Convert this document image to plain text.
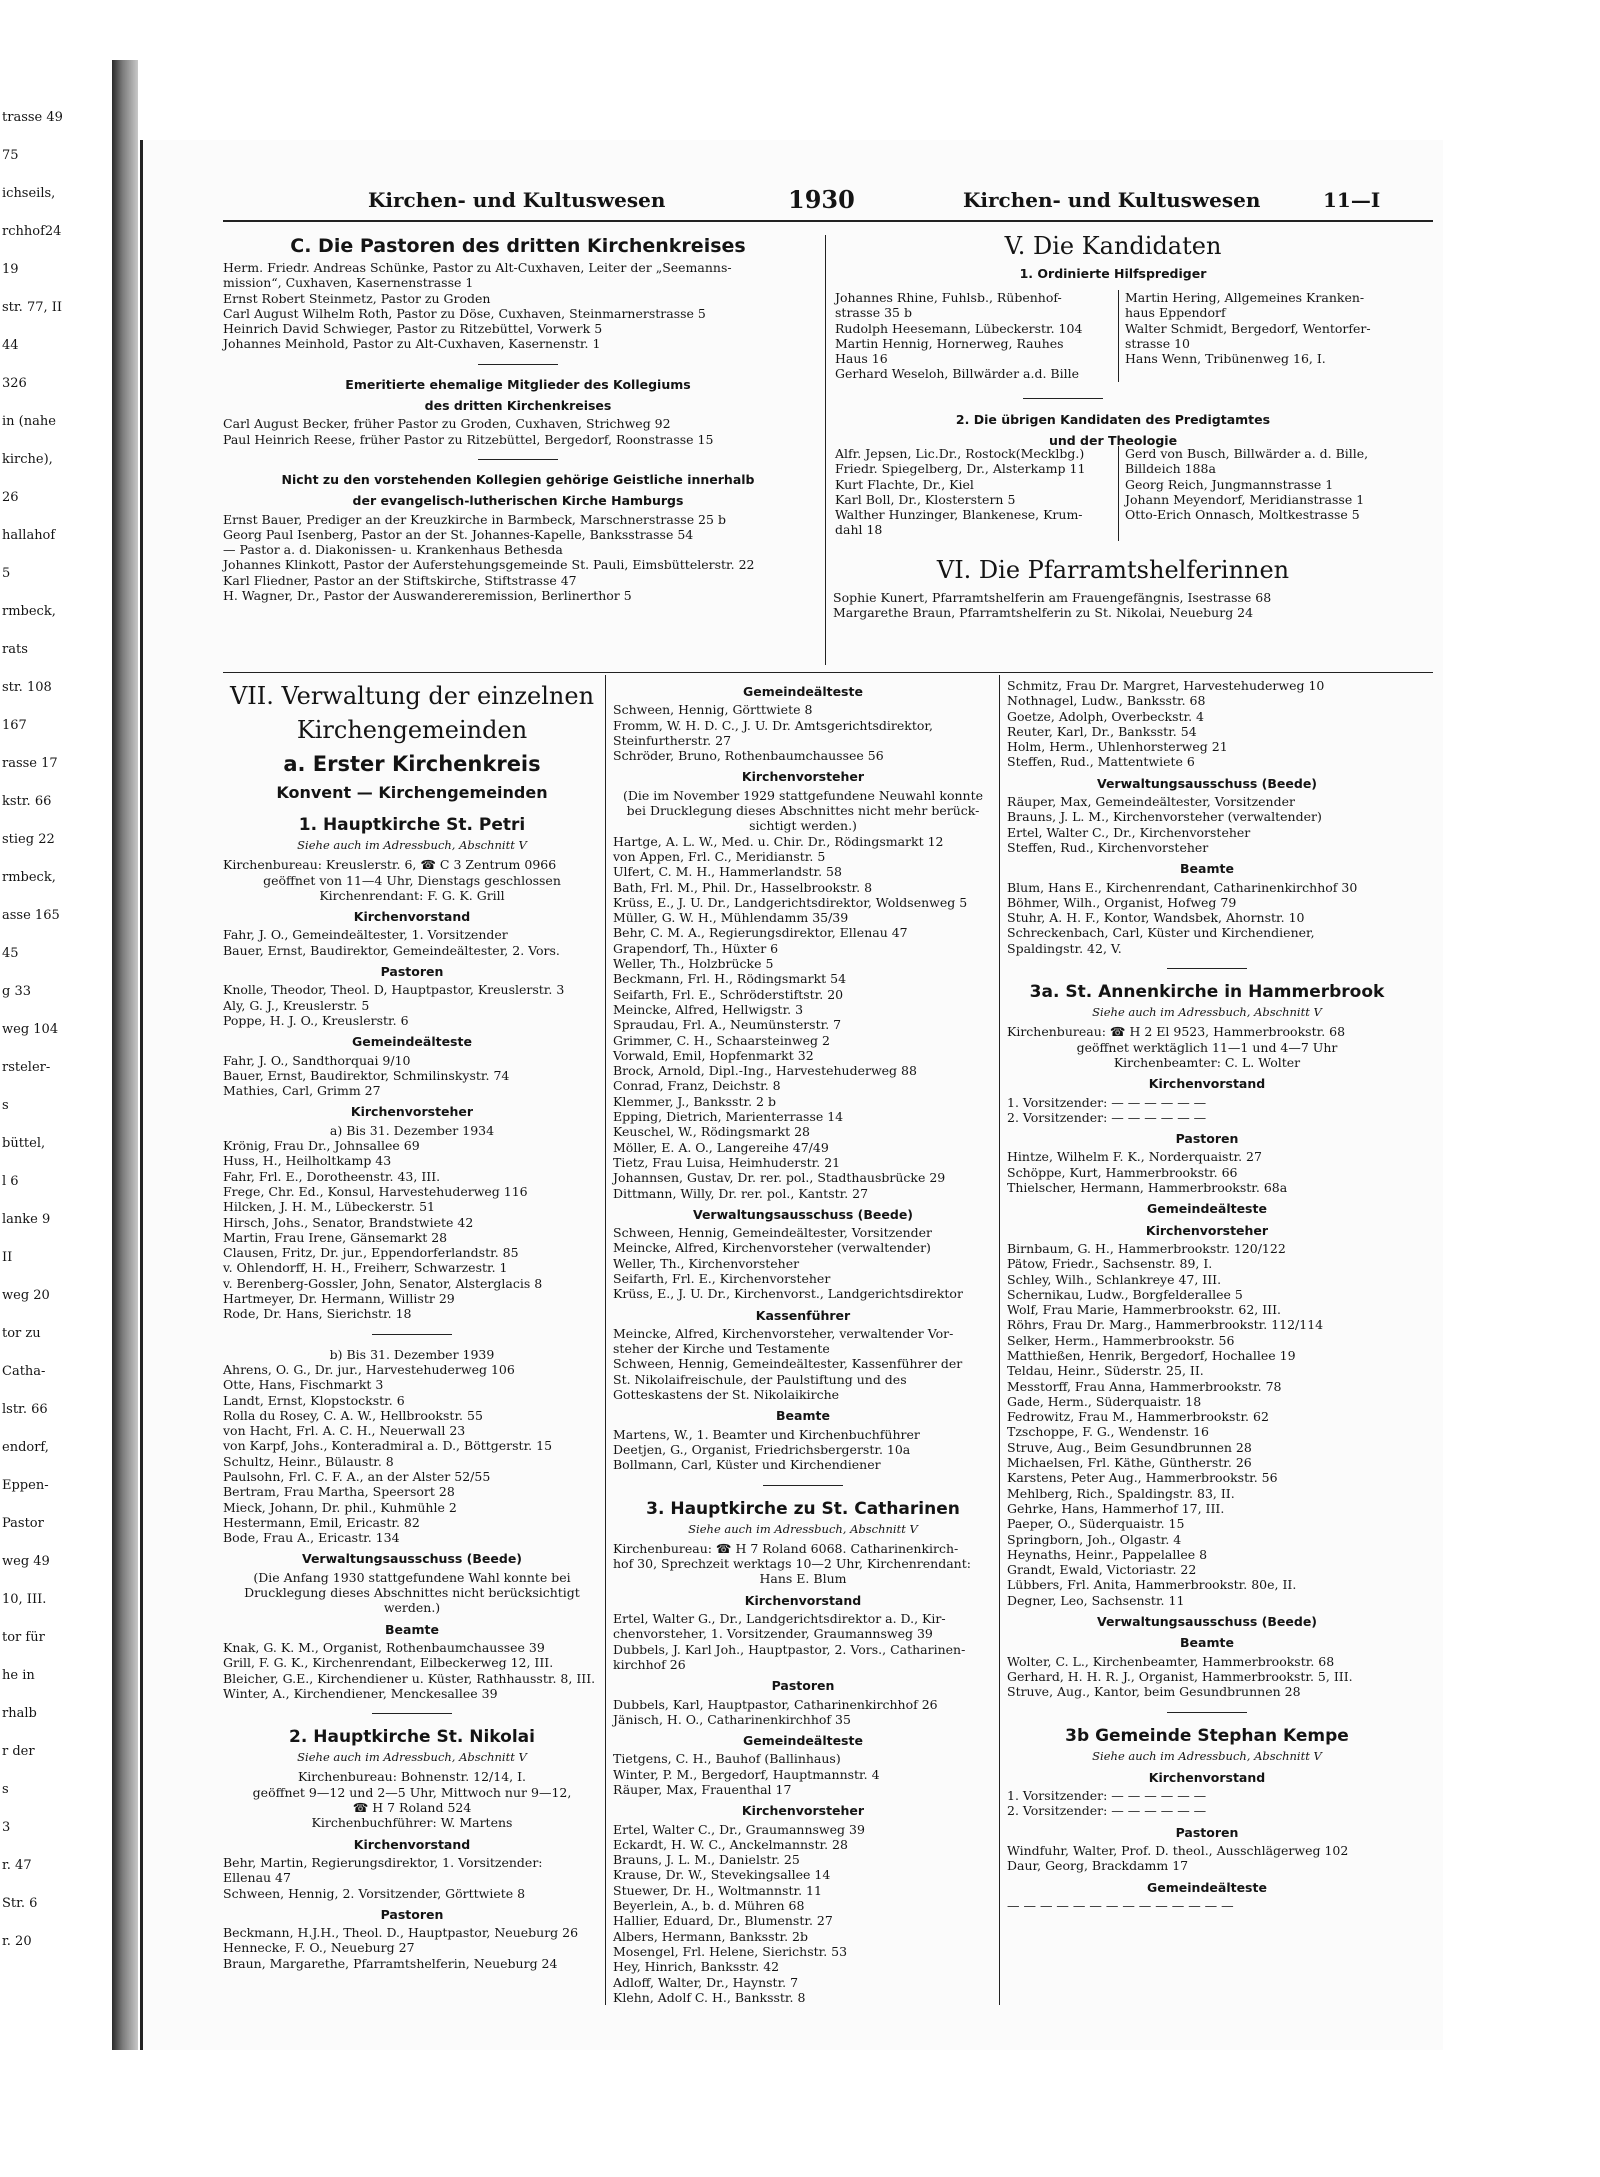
trasse 49
75
ichseils,
rchhof24
19
str. 77, II
44
326
in (nahe
kirche),
26
hallahof
5
rmbeck,
rats
str. 108
167
rasse 17
kstr. 66
stieg 22
rmbeck,
asse 165
45
g 33
weg 104
rsteler-
s
büttel,
l 6
lanke 9
II
weg 20
tor zu
Catha-
lstr. 66
endorf,
Eppen-
Pastor
weg 49
10, III.
tor für
he in
rhalb
r der
s
3
r. 47
Str. 6
r. 20
Kirchen- und Kultuswesen	1930	Kirchen- und Kultuswesen	11—I

C. Die Pastoren des dritten Kirchenkreises

Herm. Friedr. Andreas Schünke, Pastor zu Alt-Cuxhaven, Leiter der „Seemanns-

mission“, Cuxhaven, Kasernenstrasse 1

Ernst Robert Steinmetz, Pastor zu Groden

Carl August Wilhelm Roth, Pastor zu Döse, Cuxhaven, Steinmarnerstrasse 5

Heinrich David Schwieger, Pastor zu Ritzebüttel, Vorwerk 5

Johannes Meinhold, Pastor zu Alt-Cuxhaven, Kasernenstr. 1

Emeritierte ehemalige Mitglieder des Kollegiums

des dritten Kirchenkreises

Carl August Becker, früher Pastor zu Groden, Cuxhaven, Strichweg 92

Paul Heinrich Reese, früher Pastor zu Ritzebüttel, Bergedorf, Roonstrasse 15

Nicht zu den vorstehenden Kollegien gehörige Geistliche innerhalb

der evangelisch-lutherischen Kirche Hamburgs

Ernst Bauer, Prediger an der Kreuzkirche in Barmbeck, Marschnerstrasse 25 b

Georg Paul Isenberg, Pastor an der St. Johannes-Kapelle, Banksstrasse 54

— Pastor a. d. Diakonissen- u. Krankenhaus Bethesda

Johannes Klinkott, Pastor der Auferstehungsgemeinde St. Pauli, Eimsbüttelerstr. 22

Karl Fliedner, Pastor an der Stiftskirche, Stiftstrasse 47

H. Wagner, Dr., Pastor der Auswandereremission, Berlinerthor 5

V. Die Kandidaten

1. Ordinierte Hilfsprediger

Johannes Rhine, Fuhlsb., Rübenhof-

strasse 35 b

Rudolph Heesemann, Lübeckerstr. 104

Martin Hennig, Hornerweg, Rauhes

Haus 16

Gerhard Weseloh, Billwärder a.d. Bille

Martin Hering, Allgemeines Kranken-

haus Eppendorf

Walter Schmidt, Bergedorf, Wentorfer-

strasse 10

Hans Wenn, Tribünenweg 16, I.

2. Die übrigen Kandidaten des Predigtamtes

und der Theologie

Alfr. Jepsen, Lic.Dr., Rostock(Mecklbg.)

Friedr. Spiegelberg, Dr., Alsterkamp 11

Kurt Flachte, Dr., Kiel

Karl Boll, Dr., Klosterstern 5

Walther Hunzinger, Blankenese, Krum-

dahl 18

Gerd von Busch, Billwärder a. d. Bille,

Billdeich 188a

Georg Reich, Jungmannstrasse 1

Johann Meyendorf, Meridianstrasse 1

Otto-Erich Onnasch, Moltkestrasse 5

VI. Die Pfarramtshelferinnen

Sophie Kunert, Pfarramtshelferin am Frauengefängnis, Isestrasse 68

Margarethe Braun, Pfarramtshelferin zu St. Nikolai, Neueburg 24

VII. Verwaltung der einzelnen

Kirchengemeinden

a. Erster Kirchenkreis

Konvent — Kirchengemeinden

1. Hauptkirche St. Petri

Siehe auch im Adressbuch, Abschnitt V

Kirchenbureau: Kreuslerstr. 6, ☎ C 3 Zentrum 0966

geöffnet von 11—4 Uhr, Dienstags geschlossen

Kirchenrendant: F. G. K. Grill

Kirchenvorstand

Fahr, J. O., Gemeindeältester, 1. Vorsitzender

Bauer, Ernst, Baudirektor, Gemeindeältester, 2. Vors.

Pastoren

Knolle, Theodor, Theol. D, Hauptpastor, Kreuslerstr. 3

Aly, G. J., Kreuslerstr. 5

Poppe, H. J. O., Kreuslerstr. 6

Gemeindeälteste

Fahr, J. O., Sandthorquai 9/10

Bauer, Ernst, Baudirektor, Schmilinskystr. 74

Mathies, Carl, Grimm 27

Kirchenvorsteher

a) Bis 31. Dezember 1934

Krönig, Frau Dr., Johnsallee 69

Huss, H., Heilholtkamp 43

Fahr, Frl. E., Dorotheenstr. 43, III.

Frege, Chr. Ed., Konsul, Harvestehuderweg 116

Hilcken, J. H. M., Lübeckerstr. 51

Hirsch, Johs., Senator, Brandstwiete 42

Martin, Frau Irene, Gänsemarkt 28

Clausen, Fritz, Dr. jur., Eppendorferlandstr. 85

v. Ohlendorff, H. H., Freiherr, Schwarzestr. 1

v. Berenberg-Gossler, John, Senator, Alsterglacis 8

Hartmeyer, Dr. Hermann, Willistr 29

Rode, Dr. Hans, Sierichstr. 18

b) Bis 31. Dezember 1939

Ahrens, O. G., Dr. jur., Harvestehuderweg 106

Otte, Hans, Fischmarkt 3

Landt, Ernst, Klopstockstr. 6

Rolla du Rosey, C. A. W., Hellbrookstr. 55

von Hacht, Frl. A. C. H., Neuerwall 23

von Karpf, Johs., Konteradmiral a. D., Böttgerstr. 15

Schultz, Heinr., Bülaustr. 8

Paulsohn, Frl. C. F. A., an der Alster 52/55

Bertram, Frau Martha, Speersort 28

Mieck, Johann, Dr. phil., Kuhmühle 2

Hestermann, Emil, Ericastr. 82

Bode, Frau A., Ericastr. 134

Verwaltungsausschuss (Beede)

(Die Anfang 1930 stattgefundene Wahl konnte bei

Drucklegung dieses Abschnittes nicht berücksichtigt

werden.)

Beamte

Knak, G. K. M., Organist, Rothenbaumchaussee 39

Grill, F. G. K., Kirchenrendant, Eilbeckerweg 12, III.

Bleicher, G.E., Kirchendiener u. Küster, Rathhausstr. 8, III.

Winter, A., Kirchendiener, Menckesallee 39

2. Hauptkirche St. Nikolai

Siehe auch im Adressbuch, Abschnitt V

Kirchenbureau: Bohnenstr. 12/14, I.

geöffnet 9—12 und 2—5 Uhr, Mittwoch nur 9—12,

☎ H 7 Roland 524

Kirchenbuchführer: W. Martens

Kirchenvorstand

Behr, Martin, Regierungsdirektor, 1. Vorsitzender:

Ellenau 47

Schween, Hennig, 2. Vorsitzender, Görttwiete 8

Pastoren

Beckmann, H.J.H., Theol. D., Hauptpastor, Neueburg 26

Hennecke, F. O., Neueburg 27

Braun, Margarethe, Pfarramtshelferin, Neueburg 24

Gemeindeälteste

Schween, Hennig, Görttwiete 8

Fromm, W. H. D. C., J. U. Dr. Amtsgerichtsdirektor,

Steinfurtherstr. 27

Schröder, Bruno, Rothenbaumchaussee 56

Kirchenvorsteher

(Die im November 1929 stattgefundene Neuwahl konnte

bei Drucklegung dieses Abschnittes nicht mehr berück-

sichtigt werden.)

Hartge, A. L. W., Med. u. Chir. Dr., Rödingsmarkt 12

von Appen, Frl. C., Meridianstr. 5

Ulfert, C. M. H., Hammerlandstr. 58

Bath, Frl. M., Phil. Dr., Hasselbrookstr. 8

Krüss, E., J. U. Dr., Landgerichtsdirektor, Woldsenweg 5

Müller, G. W. H., Mühlendamm 35/39

Behr, C. M. A., Regierungsdirektor, Ellenau 47

Grapendorf, Th., Hüxter 6

Weller, Th., Holzbrücke 5

Beckmann, Frl. H., Rödingsmarkt 54

Seifarth, Frl. E., Schröderstiftstr. 20

Meincke, Alfred, Hellwigstr. 3

Spraudau, Frl. A., Neumünsterstr. 7

Grimmer, C. H., Schaarsteinweg 2

Vorwald, Emil, Hopfenmarkt 32

Brock, Arnold, Dipl.-Ing., Harvestehuderweg 88

Conrad, Franz, Deichstr. 8

Klemmer, J., Banksstr. 2 b

Epping, Dietrich, Marienterrasse 14

Keuschel, W., Rödingsmarkt 28

Möller, E. A. O., Langereihe 47/49

Tietz, Frau Luisa, Heimhuderstr. 21

Johannsen, Gustav, Dr. rer. pol., Stadthausbrücke 29

Dittmann, Willy, Dr. rer. pol., Kantstr. 27

Verwaltungsausschuss (Beede)

Schween, Hennig, Gemeindeältester, Vorsitzender

Meincke, Alfred, Kirchenvorsteher (verwaltender)

Weller, Th., Kirchenvorsteher

Seifarth, Frl. E., Kirchenvorsteher

Krüss, E., J. U. Dr., Kirchenvorst., Landgerichtsdirektor

Kassenführer

Meincke, Alfred, Kirchenvorsteher, verwaltender Vor-

steher der Kirche und Testamente

Schween, Hennig, Gemeindeältester, Kassenführer der

St. Nikolaifreischule, der Paulstiftung und des

Gotteskastens der St. Nikolaikirche

Beamte

Martens, W., 1. Beamter und Kirchenbuchführer

Deetjen, G., Organist, Friedrichsbergerstr. 10a

Bollmann, Carl, Küster und Kirchendiener

3. Hauptkirche zu St. Catharinen

Siehe auch im Adressbuch, Abschnitt V

Kirchenbureau: ☎ H 7 Roland 6068. Catharinenkirch-

hof 30, Sprechzeit werktags 10—2 Uhr, Kirchenrendant:

Hans E. Blum

Kirchenvorstand

Ertel, Walter G., Dr., Landgerichtsdirektor a. D., Kir-

chenvorsteher, 1. Vorsitzender, Graumannsweg 39

Dubbels, J. Karl Joh., Hauptpastor, 2. Vors., Catharinen-

kirchhof 26

Pastoren

Dubbels, Karl, Hauptpastor, Catharinenkirchhof 26

Jänisch, H. O., Catharinenkirchhof 35

Gemeindeälteste

Tietgens, C. H., Bauhof (Ballinhaus)

Winter, P. M., Bergedorf, Hauptmannstr. 4

Räuper, Max, Frauenthal 17

Kirchenvorsteher

Ertel, Walter C., Dr., Graumannsweg 39

Eckardt, H. W. C., Anckelmannstr. 28

Brauns, J. L. M., Danielstr. 25

Krause, Dr. W., Stevekingsallee 14

Stuewer, Dr. H., Woltmannstr. 11

Beyerlein, A., b. d. Mühren 68

Hallier, Eduard, Dr., Blumenstr. 27

Albers, Hermann, Banksstr. 2b

Mosengel, Frl. Helene, Sierichstr. 53

Hey, Hinrich, Banksstr. 42

Adloff, Walter, Dr., Haynstr. 7

Klehn, Adolf C. H., Banksstr. 8

Schmitz, Frau Dr. Margret, Harvestehuderweg 10

Nothnagel, Ludw., Banksstr. 68

Goetze, Adolph, Overbeckstr. 4

Reuter, Karl, Dr., Banksstr. 54

Holm, Herm., Uhlenhorsterweg 21

Steffen, Rud., Mattentwiete 6

Verwaltungsausschuss (Beede)

Räuper, Max, Gemeindeältester, Vorsitzender

Brauns, J. L. M., Kirchenvorsteher (verwaltender)

Ertel, Walter C., Dr., Kirchenvorsteher

Steffen, Rud., Kirchenvorsteher

Beamte

Blum, Hans E., Kirchenrendant, Catharinenkirchhof 30

Böhmer, Wilh., Organist, Hofweg 79

Stuhr, A. H. F., Kontor, Wandsbek, Ahornstr. 10

Schreckenbach, Carl, Küster und Kirchendiener,

Spaldingstr. 42, V.

3a. St. Annenkirche in Hammerbrook

Siehe auch im Adressbuch, Abschnitt V

Kirchenbureau: ☎ H 2 El 9523, Hammerbrookstr. 68

geöffnet werktäglich 11—1 und 4—7 Uhr

Kirchenbeamter: C. L. Wolter

Kirchenvorstand

1. Vorsitzender: — — — — — —

2. Vorsitzender: — — — — — —

Pastoren

Hintze, Wilhelm F. K., Norderquaistr. 27

Schöppe, Kurt, Hammerbrookstr. 66

Thielscher, Hermann, Hammerbrookstr. 68a

Gemeindeälteste

Kirchenvorsteher

Birnbaum, G. H., Hammerbrookstr. 120/122

Pätow, Friedr., Sachsenstr. 89, I.

Schley, Wilh., Schlankreye 47, III.

Schernikau, Ludw., Borgfelderallee 5

Wolf, Frau Marie, Hammerbrookstr. 62, III.

Röhrs, Frau Dr. Marg., Hammerbrookstr. 112/114

Selker, Herm., Hammerbrookstr. 56

Matthießen, Henrik, Bergedorf, Hochallee 19

Teldau, Heinr., Süderstr. 25, II.

Messtorff, Frau Anna, Hammerbrookstr. 78

Gade, Herm., Süderquaistr. 18

Fedrowitz, Frau M., Hammerbrookstr. 62

Tzschoppe, F. G., Wendenstr. 16

Struve, Aug., Beim Gesundbrunnen 28

Michaelsen, Frl. Käthe, Güntherstr. 26

Karstens, Peter Aug., Hammerbrookstr. 56

Mehlberg, Rich., Spaldingstr. 83, II.

Gehrke, Hans, Hammerhof 17, III.

Paeper, O., Süderquaistr. 15

Springborn, Joh., Olgastr. 4

Heynaths, Heinr., Pappelallee 8

Grandt, Ewald, Victoriastr. 22

Lübbers, Frl. Anita, Hammerbrookstr. 80e, II.

Degner, Leo, Sachsenstr. 11

Verwaltungsausschuss (Beede)

Beamte

Wolter, C. L., Kirchenbeamter, Hammerbrookstr. 68

Gerhard, H. H. R. J., Organist, Hammerbrookstr. 5, III.

Struve, Aug., Kantor, beim Gesundbrunnen 28

3b Gemeinde Stephan Kempe

Siehe auch im Adressbuch, Abschnitt V

Kirchenvorstand

1. Vorsitzender: — — — — — —

2. Vorsitzender: — — — — — —

Pastoren

Windfuhr, Walter, Prof. D. theol., Ausschlägerweg 102

Daur, Georg, Brackdamm 17

Gemeindeälteste

— — — — — — — — — — — — — —
